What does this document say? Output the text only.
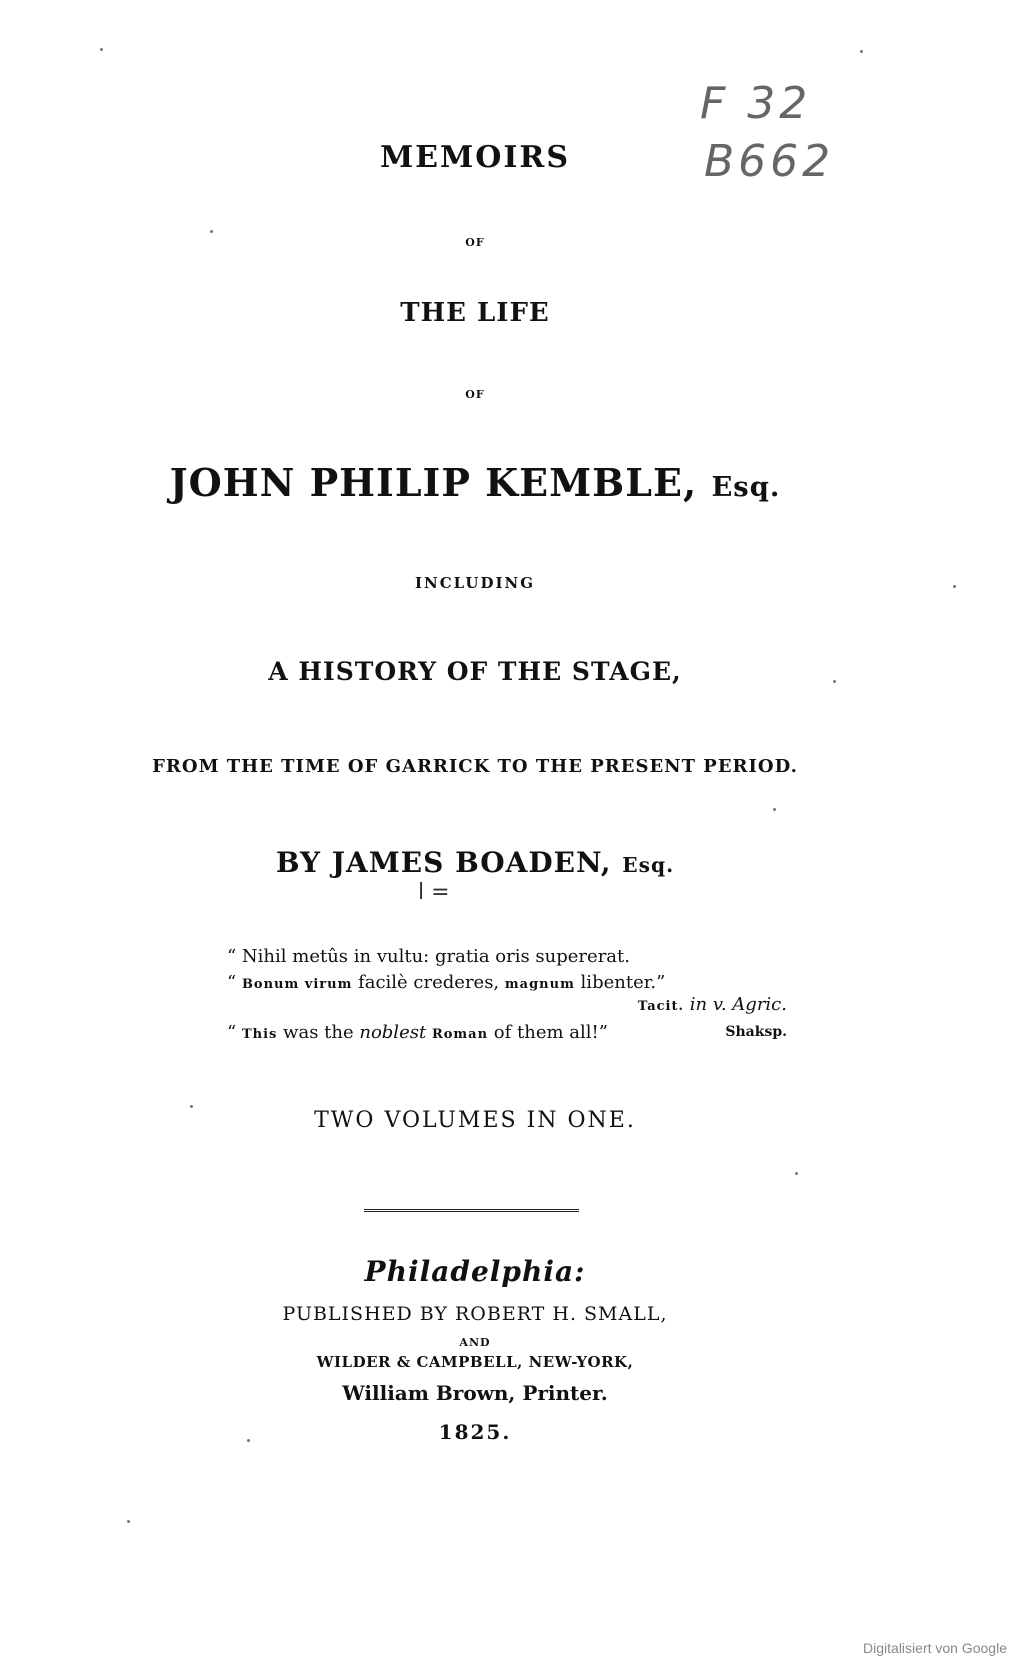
F 32
B662
MEMOIRS
OF
THE LIFE
OF
JOHN PHILIP KEMBLE, Esq.
INCLUDING
A HISTORY OF THE STAGE,
FROM THE TIME OF GARRICK TO THE PRESENT PERIOD.
BY JAMES BOADEN, Esq.
l =
“ Nihil metûs in vultu: gratia oris supererat.
“ Bonum virum facilè crederes, magnum libenter.”
Tacit. in v. Agric.
“ This was the noblest Roman of them all!”	Shaksp.
TWO VOLUMES IN ONE.
Philadelphia:
PUBLISHED BY ROBERT H. SMALL,
AND
WILDER & CAMPBELL, NEW-YORK,
William Brown, Printer.
1825.
Digitalisiert von Google
